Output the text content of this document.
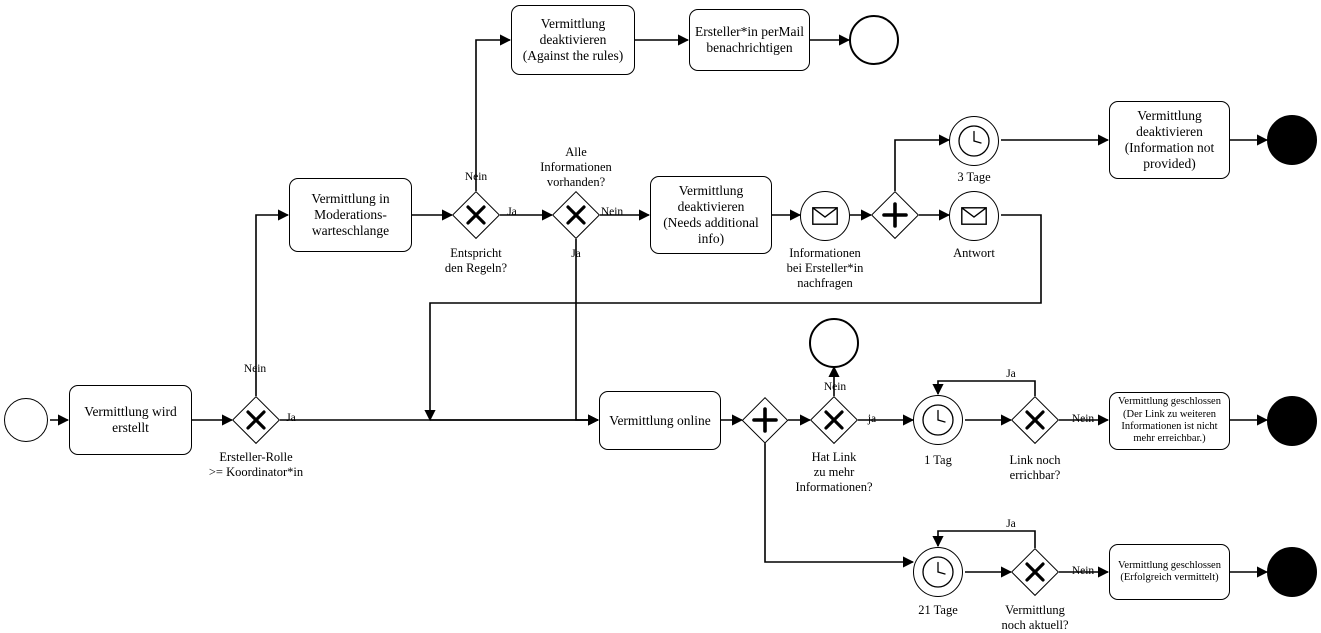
Vermittlung wird
erstellt
Ersteller-Rolle
>= Koordinator*in
Nein
Ja
Vermittlung in
Moderations-
warteschlange
Entspricht
den Regeln?
Nein
Ja
Alle
Informationen
vorhanden?
Nein
Ja
Vermittlung
deaktivieren
(Against the rules)
Ersteller*in perMail
benachrichtigen
Vermittlung
deaktivieren
(Needs additional
info)
Informationen
bei Ersteller*in
nachfragen
3 Tage
Antwort
Vermittlung
deaktivieren
(Information not
provided)
Vermittlung online
Hat Link
zu mehr
Informationen?
Nein
ja
1 Tag	Link noch
errichbar?
Ja
Nein
Vermittlung geschlossen
(Der Link zu weiteren
Informationen ist nicht
mehr erreichbar.)
21 Tage	Vermittlung
noch aktuell?
Ja
Nein	Vermittlung geschlossen
(Erfolgreich vermittelt)
